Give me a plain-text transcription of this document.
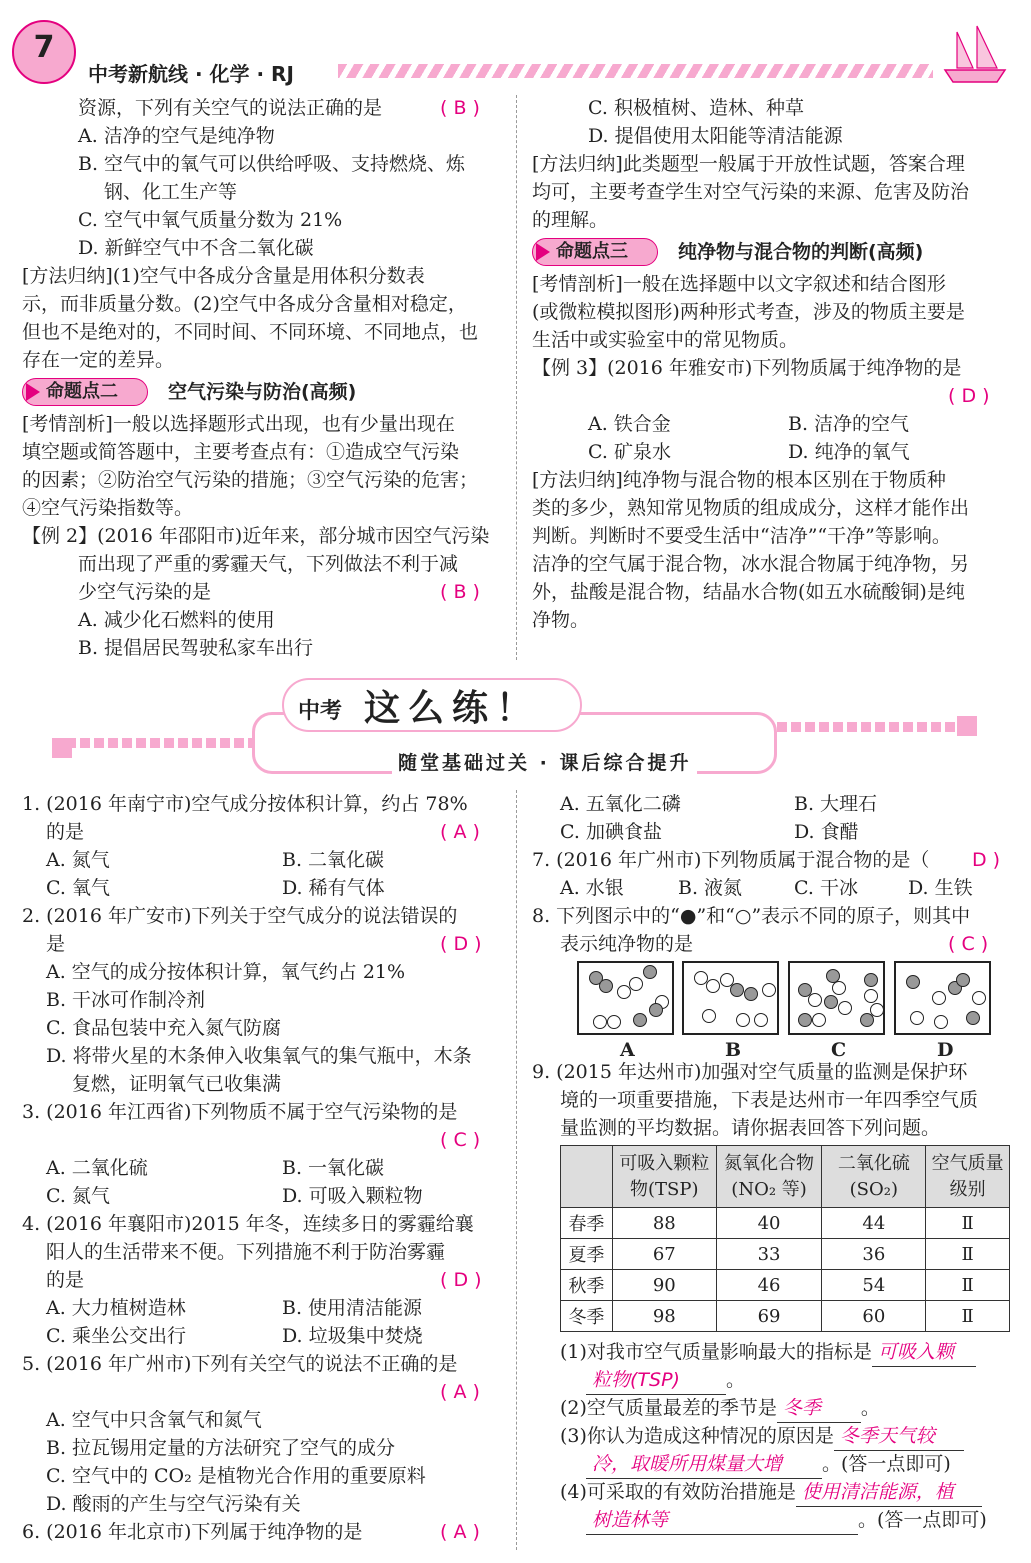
7
中考新航线 · 化学 · RJ
资源，下列有关空气的说法正确的是	( B )
A. 洁净的空气是纯净物
B. 空气中的氧气可以供给呼吸、支持燃烧、炼
钢、化工生产等
C. 空气中氧气质量分数为 21%
D. 新鲜空气中不含二氧化碳
[方法归纳](1)空气中各成分含量是用体积分数表
示，而非质量分数。(2)空气中各成分含量相对稳定，
但也不是绝对的，不同时间、不同环境、不同地点，也
存在一定的差异。
命题点二	空气污染与防治(高频)
[考情剖析]一般以选择题形式出现，也有少量出现在
填空题或简答题中，主要考查点有：①造成空气污染
的因素；②防治空气污染的措施；③空气污染的危害；
④空气污染指数等。
【例 2】(2016 年邵阳市)近年来，部分城市因空气污染
而出现了严重的雾霾天气，下列做法不利于减
少空气污染的是	( B )
A. 减少化石燃料的使用
B. 提倡居民驾驶私家车出行
C. 积极植树、造林、种草
D. 提倡使用太阳能等清洁能源
[方法归纳]此类题型一般属于开放性试题，答案合理
均可，主要考查学生对空气污染的来源、危害及防治
的理解。
命题点三	纯净物与混合物的判断(高频)
[考情剖析]一般在选择题中以文字叙述和结合图形
(或微粒模拟图形)两种形式考查，涉及的物质主要是
生活中或实验室中的常见物质。
【例 3】(2016 年雅安市)下列物质属于纯净物的是
( D )
A. 铁合金	B. 洁净的空气
C. 矿泉水	D. 纯净的氧气
[方法归纳]纯净物与混合物的根本区别在于物质种
类的多少，熟知常见物质的组成成分，这样才能作出
判断。判断时不要受生活中“洁净”“干净”等影响。
洁净的空气属于混合物，冰水混合物属于纯净物，另
外，盐酸是混合物，结晶水合物(如五水硫酸铜)是纯
净物。
中考 这么练！
随堂基础过关 · 课后综合提升
1. (2016 年南宁市)空气成分按体积计算，约占 78%
的是	( A )
A. 氮气	B. 二氧化碳
C. 氧气	D. 稀有气体
2. (2016 年广安市)下列关于空气成分的说法错误的
是	( D )
A. 空气的成分按体积计算，氧气约占 21%
B. 干冰可作制冷剂
C. 食品包装中充入氮气防腐
D. 将带火星的木条伸入收集氧气的集气瓶中，木条
复燃，证明氧气已收集满
3. (2016 年江西省)下列物质不属于空气污染物的是
( C )
A. 二氧化硫	B. 一氧化碳
C. 氮气	D. 可吸入颗粒物
4. (2016 年襄阳市)2015 年冬，连续多日的雾霾给襄
阳人的生活带来不便。下列措施不利于防治雾霾
的是	( D )
A. 大力植树造林	B. 使用清洁能源
C. 乘坐公交出行	D. 垃圾集中焚烧
5. (2016 年广州市)下列有关空气的说法不正确的是
( A )
A. 空气中只含氧气和氮气
B. 拉瓦锡用定量的方法研究了空气的成分
C. 空气中的 CO₂ 是植物光合作用的重要原料
D. 酸雨的产生与空气污染有关
6. (2016 年北京市)下列属于纯净物的是	( A )
A. 五氧化二磷	B. 大理石
C. 加碘食盐	D. 食醋
7. (2016 年广州市)下列物质属于混合物的是（ D )
A. 水银	B. 液氮	C. 干冰	D. 生铁
8. 下列图示中的“●”和“○”表示不同的原子，则其中
表示纯净物的是	( C )
A	B	C	D
9. (2015 年达州市)加强对空气质量的监测是保护环
境的一项重要措施，下表是达州市一年四季空气质
量监测的平均数据。请你据表回答下列问题。
	可吸入颗粒物(TSP)	氮氧化合物(NO₂ 等)	二氧化硫(SO₂)	空气质量级别
春季	88	40	44	Ⅱ
夏季	67	33	36	Ⅱ
秋季	90	46	54	Ⅱ
冬季	98	69	60	Ⅱ
(1)对我市空气质量影响最大的指标是 可吸入颗
粒物(TSP) 。
(2)空气质量最差的季节是 冬季 。
(3)你认为造成这种情况的原因是 冬季天气较
冷，取暖所用煤量大增 。(答一点即可)
(4)可采取的有效防治措施是 使用清洁能源，植
树造林等	。(答一点即可)
